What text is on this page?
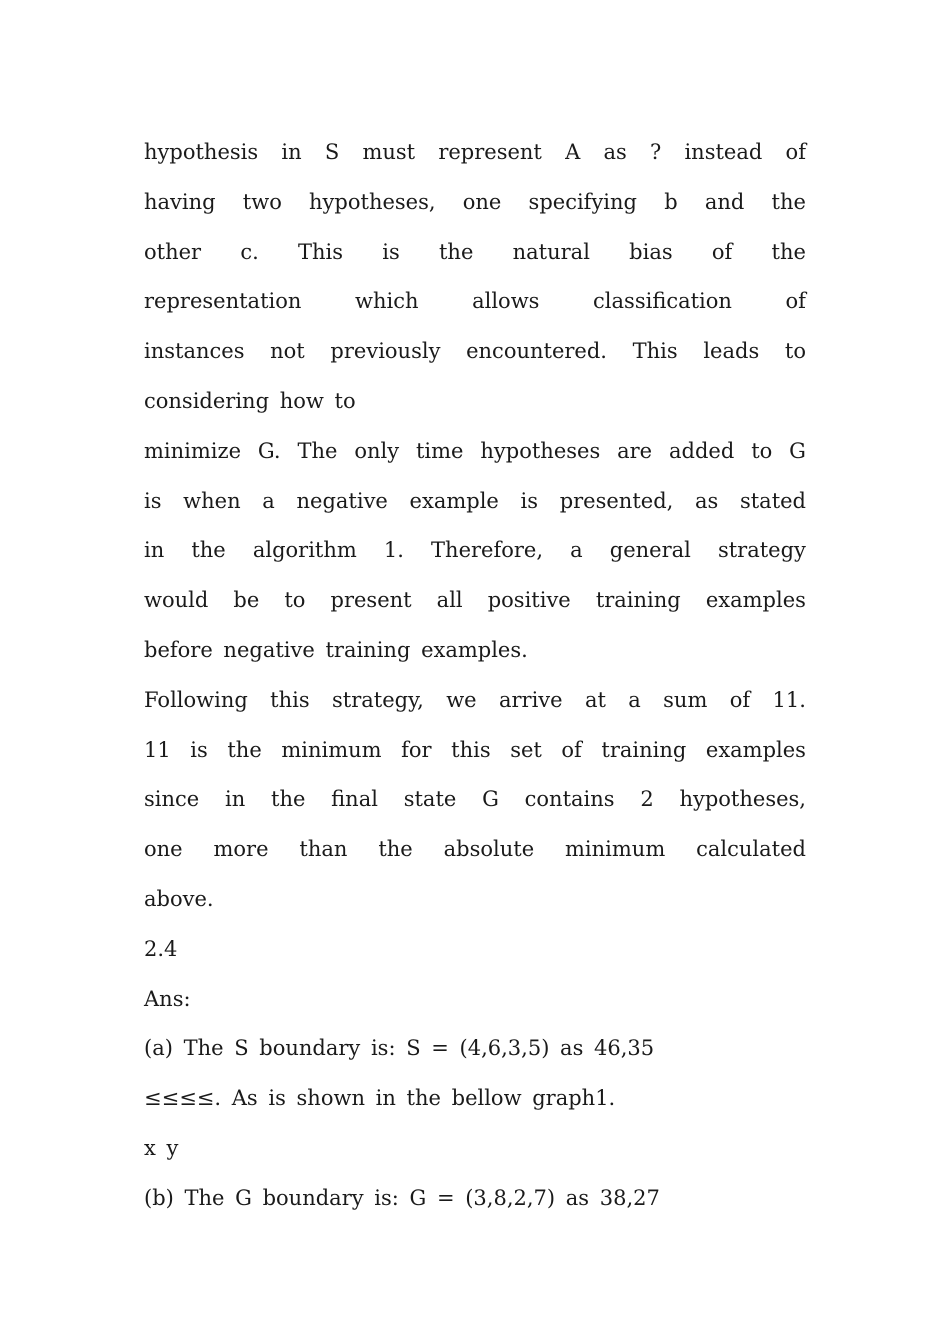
hypothesis in S must represent A as ? instead of
having two hypotheses, one specifying b and the
other c. This is the natural bias of the
representation	which	allows	classification	of
instances not previously encountered. This leads to
considering how to
minimize G. The only time hypotheses are added to G
is when a negative example is presented, as stated
in the algorithm 1. Therefore, a general strategy
would be to present all positive training examples
before negative training examples.
Following this strategy, we arrive at a sum of 11.
11 is the minimum for this set of training examples
since in the final state G contains 2 hypotheses,
one more than the absolute minimum calculated
above.
2.4
Ans:
(a) The S boundary is: S = (4,6,3,5) as 46,35
≤≤≤≤. As is shown in the bellow graph1.
x y
(b) The G boundary is: G = (3,8,2,7) as 38,27
